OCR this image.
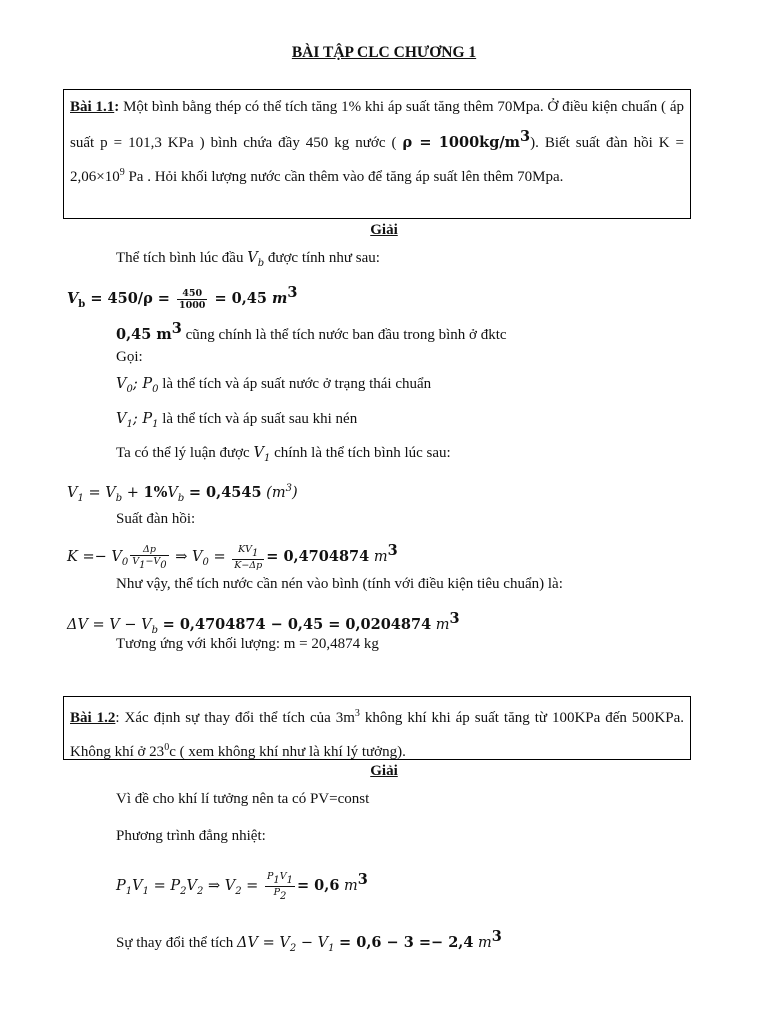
BÀI TẬP CLC CHƯƠNG 1
Bài 1.1: Một bình bằng thép có thể tích tăng 1% khi áp suất tăng thêm 70Mpa. Ở điều kiện chuẩn ( áp suất p = 101,3 KPa ) bình chứa đầy 450 kg nước ( $\rho = 1000kg/m^3$). Biết suất đàn hồi $K = 2,06\times 10^9$ Pa . Hỏi khối lượng nước cần thêm vào để tăng áp suất lên thêm 70Mpa.
Giải
Thể tích bình lúc đầu $V_b$ được tính như sau:
$V_b = 450/\rho = \frac{450}{1000} = 0,45$ $m^3$
0,45 $m^3$ cũng chính là thể tích nước ban đầu trong bình ở đktc
Gọi:
$V_0$; $P_0$ là thể tích và áp suất nước ở trạng thái chuẩn
$V_1$; $P_1$ là thể tích và áp suất sau khi nén
Ta có thể lý luận được $V_1$ chính là thể tích bình lúc sau:
$V_1 = V_b + 1\%V_b = 0,4545$ $(m^3)$
Suất đàn hồi:
$K =- V_0 \frac{\Delta p}{V_1-V_0}$ ⇒ $V_0 = \frac{KV_1}{K-\Delta p} = 0,4704874$ $m^3$
Như vậy, thể tích nước cần nén vào bình (tính với điều kiện tiêu chuẩn) là:
$\Delta V = V - V_b = 0,4704874 - 0,45 = 0,0204874$ $m^3$
Tương ứng với khối lượng: m = 20,4874 kg
Bài 1.2: Xác định sự thay đổi thể tích của $3m^3$ không khí khi áp suất tăng từ 100KPa đến 500KPa. Không khí ở $23^0c$ ( xem không khí như là khí lý tưởng).
Giải
Vì đề cho khí lí tưởng nên ta có PV=const
Phương trình đẳng nhiệt:
$P_1V_1 = P_2V_2$ ⇒ $V_2 = \frac{P_1V_1}{P_2} = 0,6$ $m^3$
Sự thay đổi thể tích $\Delta V = V_2 - V_1 = 0,6 - 3 =- 2,4$ $m^3$
